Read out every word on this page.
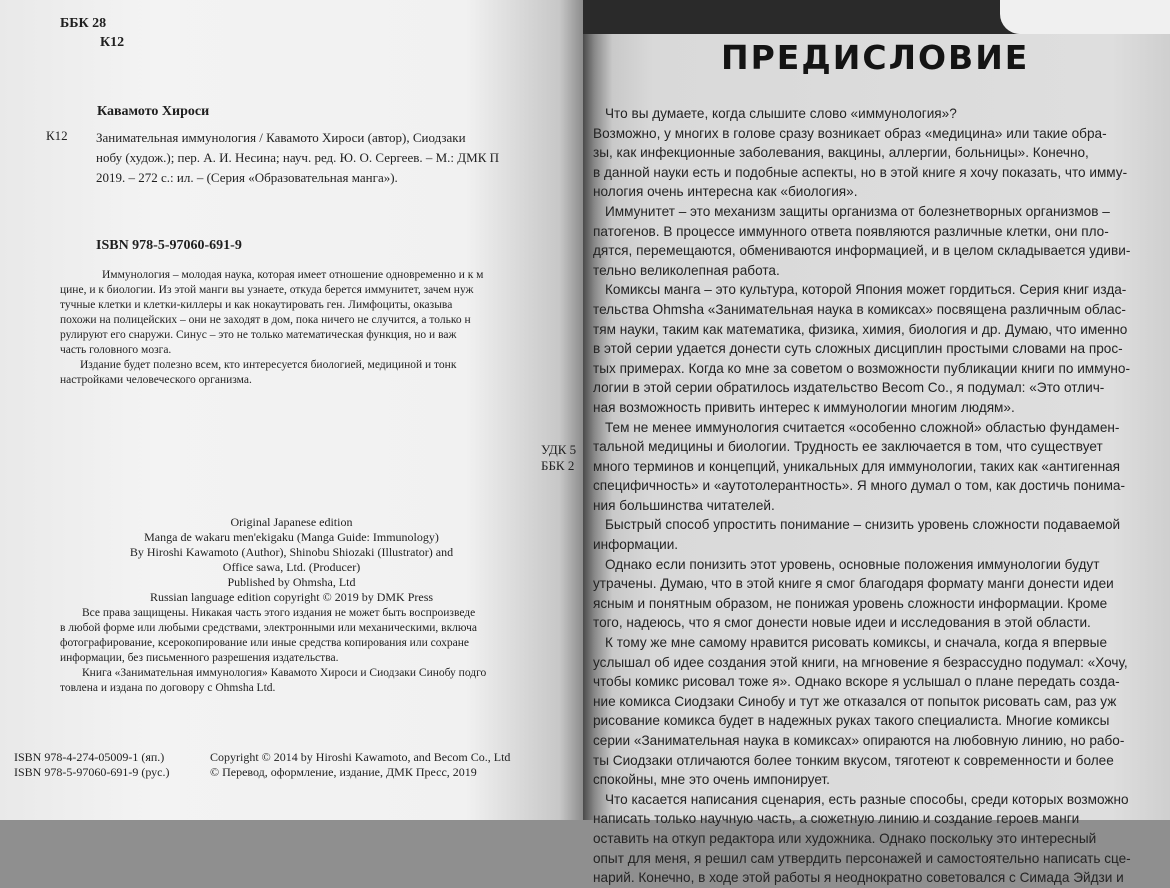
ББК 28
К12
Кавамото Хироси
К12 Занимательная иммунология / Кавамото Хироси (автор), Сиодзаки
нобу (худож.); пер. А. И. Несина; науч. ред. Ю. О. Сергеев. – М.: ДМК П
2019. – 272 с.: ил. – (Серия «Образовательная манга»).
ISBN 978-5-97060-691-9
Иммунология – молодая наука, которая имеет отношение одновременно и к м
цине, и к биологии. Из этой манги вы узнаете, откуда берется иммунитет, зачем нуж
тучные клетки и клетки-киллеры и как нокаутировать ген. Лимфоциты, оказыва
похожи на полицейских – они не заходят в дом, пока ничего не случится, а только н
рулируют его снаружи. Синус – это не только математическая функция, но и важ
часть головного мозга.
Издание будет полезно всем, кто интересуется биологией, медициной и тонк
настройками человеческого организма.
УДК 5
ББК 2
Original Japanese edition
Manga de wakaru men'ekigaku (Manga Guide: Immunology)
By Hiroshi Kawamoto (Author), Shinobu Shiozaki (Illustrator) and
Office sawa, Ltd. (Producer)
Published by Ohmsha, Ltd
Russian language edition copyright © 2019 by DMK Press
Все права защищены. Никакая часть этого издания не может быть воспроизведе
в любой форме или любыми средствами, электронными или механическими, включа
фотографирование, ксерокопирование или иные средства копирования или сохране
информации, без письменного разрешения издательства.
Книга «Занимательная иммунология» Кавамото Хироси и Сиодзаки Синобу подго
товлена и издана по договору с Ohmsha Ltd.
ISBN 978-4-274-05009-1 (яп.)
ISBN 978-5-97060-691-9 (рус.)
Copyright © 2014 by Hiroshi Kawamoto, and Becom Co., Ltd
© Перевод, оформление, издание, ДМК Пресс, 2019
ПРЕДИСЛОВИЕ
Что вы думаете, когда слышите слово «иммунология»?
Возможно, у многих в голове сразу возникает образ «медицина» или такие обра-
зы, как инфекционные заболевания, вакцины, аллергии, больницы». Конечно,
в данной науки есть и подобные аспекты, но в этой книге я хочу показать, что имму-
нология очень интересна как «биология».
Иммунитет – это механизм защиты организма от болезнетворных организмов –
патогенов. В процессе иммунного ответа появляются различные клетки, они пло-
дятся, перемещаются, обмениваются информацией, и в целом складывается удиви-
тельно великолепная работа.
Комиксы манга – это культура, которой Япония может гордиться. Серия книг изда-
тельства Ohmsha «Занимательная наука в комиксах» посвящена различным облас-
тям науки, таким как математика, физика, химия, биология и др. Думаю, что именно
в этой серии удается донести суть сложных дисциплин простыми словами на прос-
тых примерах. Когда ко мне за советом о возможности публикации книги по иммуно-
логии в этой серии обратилось издательство Becom Co., я подумал: «Это отлич-
ная возможность привить интерес к иммунологии многим людям».
Тем не менее иммунология считается «особенно сложной» областью фундамен-
тальной медицины и биологии. Трудность ее заключается в том, что существует
много терминов и концепций, уникальных для иммунологии, таких как «антигенная
специфичность» и «аутотолерантность». Я много думал о том, как достичь понима-
ния большинства читателей.
Быстрый способ упростить понимание – снизить уровень сложности подаваемой
информации.
Однако если понизить этот уровень, основные положения иммунологии будут
утрачены. Думаю, что в этой книге я смог благодаря формату манги донести идеи
ясным и понятным образом, не понижая уровень сложности информации. Кроме
того, надеюсь, что я смог донести новые идеи и исследования в этой области.
К тому же мне самому нравится рисовать комиксы, и сначала, когда я впервые
услышал об идее создания этой книги, на мгновение я безрассудно подумал: «Хочу,
чтобы комикс рисовал тоже я». Однако вскоре я услышал о плане передать созда-
ние комикса Сиодзаки Синобу и тут же отказался от попыток рисовать сам, раз уж
рисование комикса будет в надежных руках такого специалиста. Многие комиксы
серии «Занимательная наука в комиксах» опираются на любовную линию, но рабо-
ты Сиодзаки отличаются более тонким вкусом, тяготеют к современности и более
спокойны, мне это очень импонирует.
Что касается написания сценария, есть разные способы, среди которых возможно
написать только научную часть, а сюжетную линию и создание героев манги
оставить на откуп редактора или художника. Однако поскольку это интересный
опыт для меня, я решил сам утвердить персонажей и самостоятельно написать сце-
нарий. Конечно, в ходе этой работы я неоднократно советовался с Симада Эйдзи и
